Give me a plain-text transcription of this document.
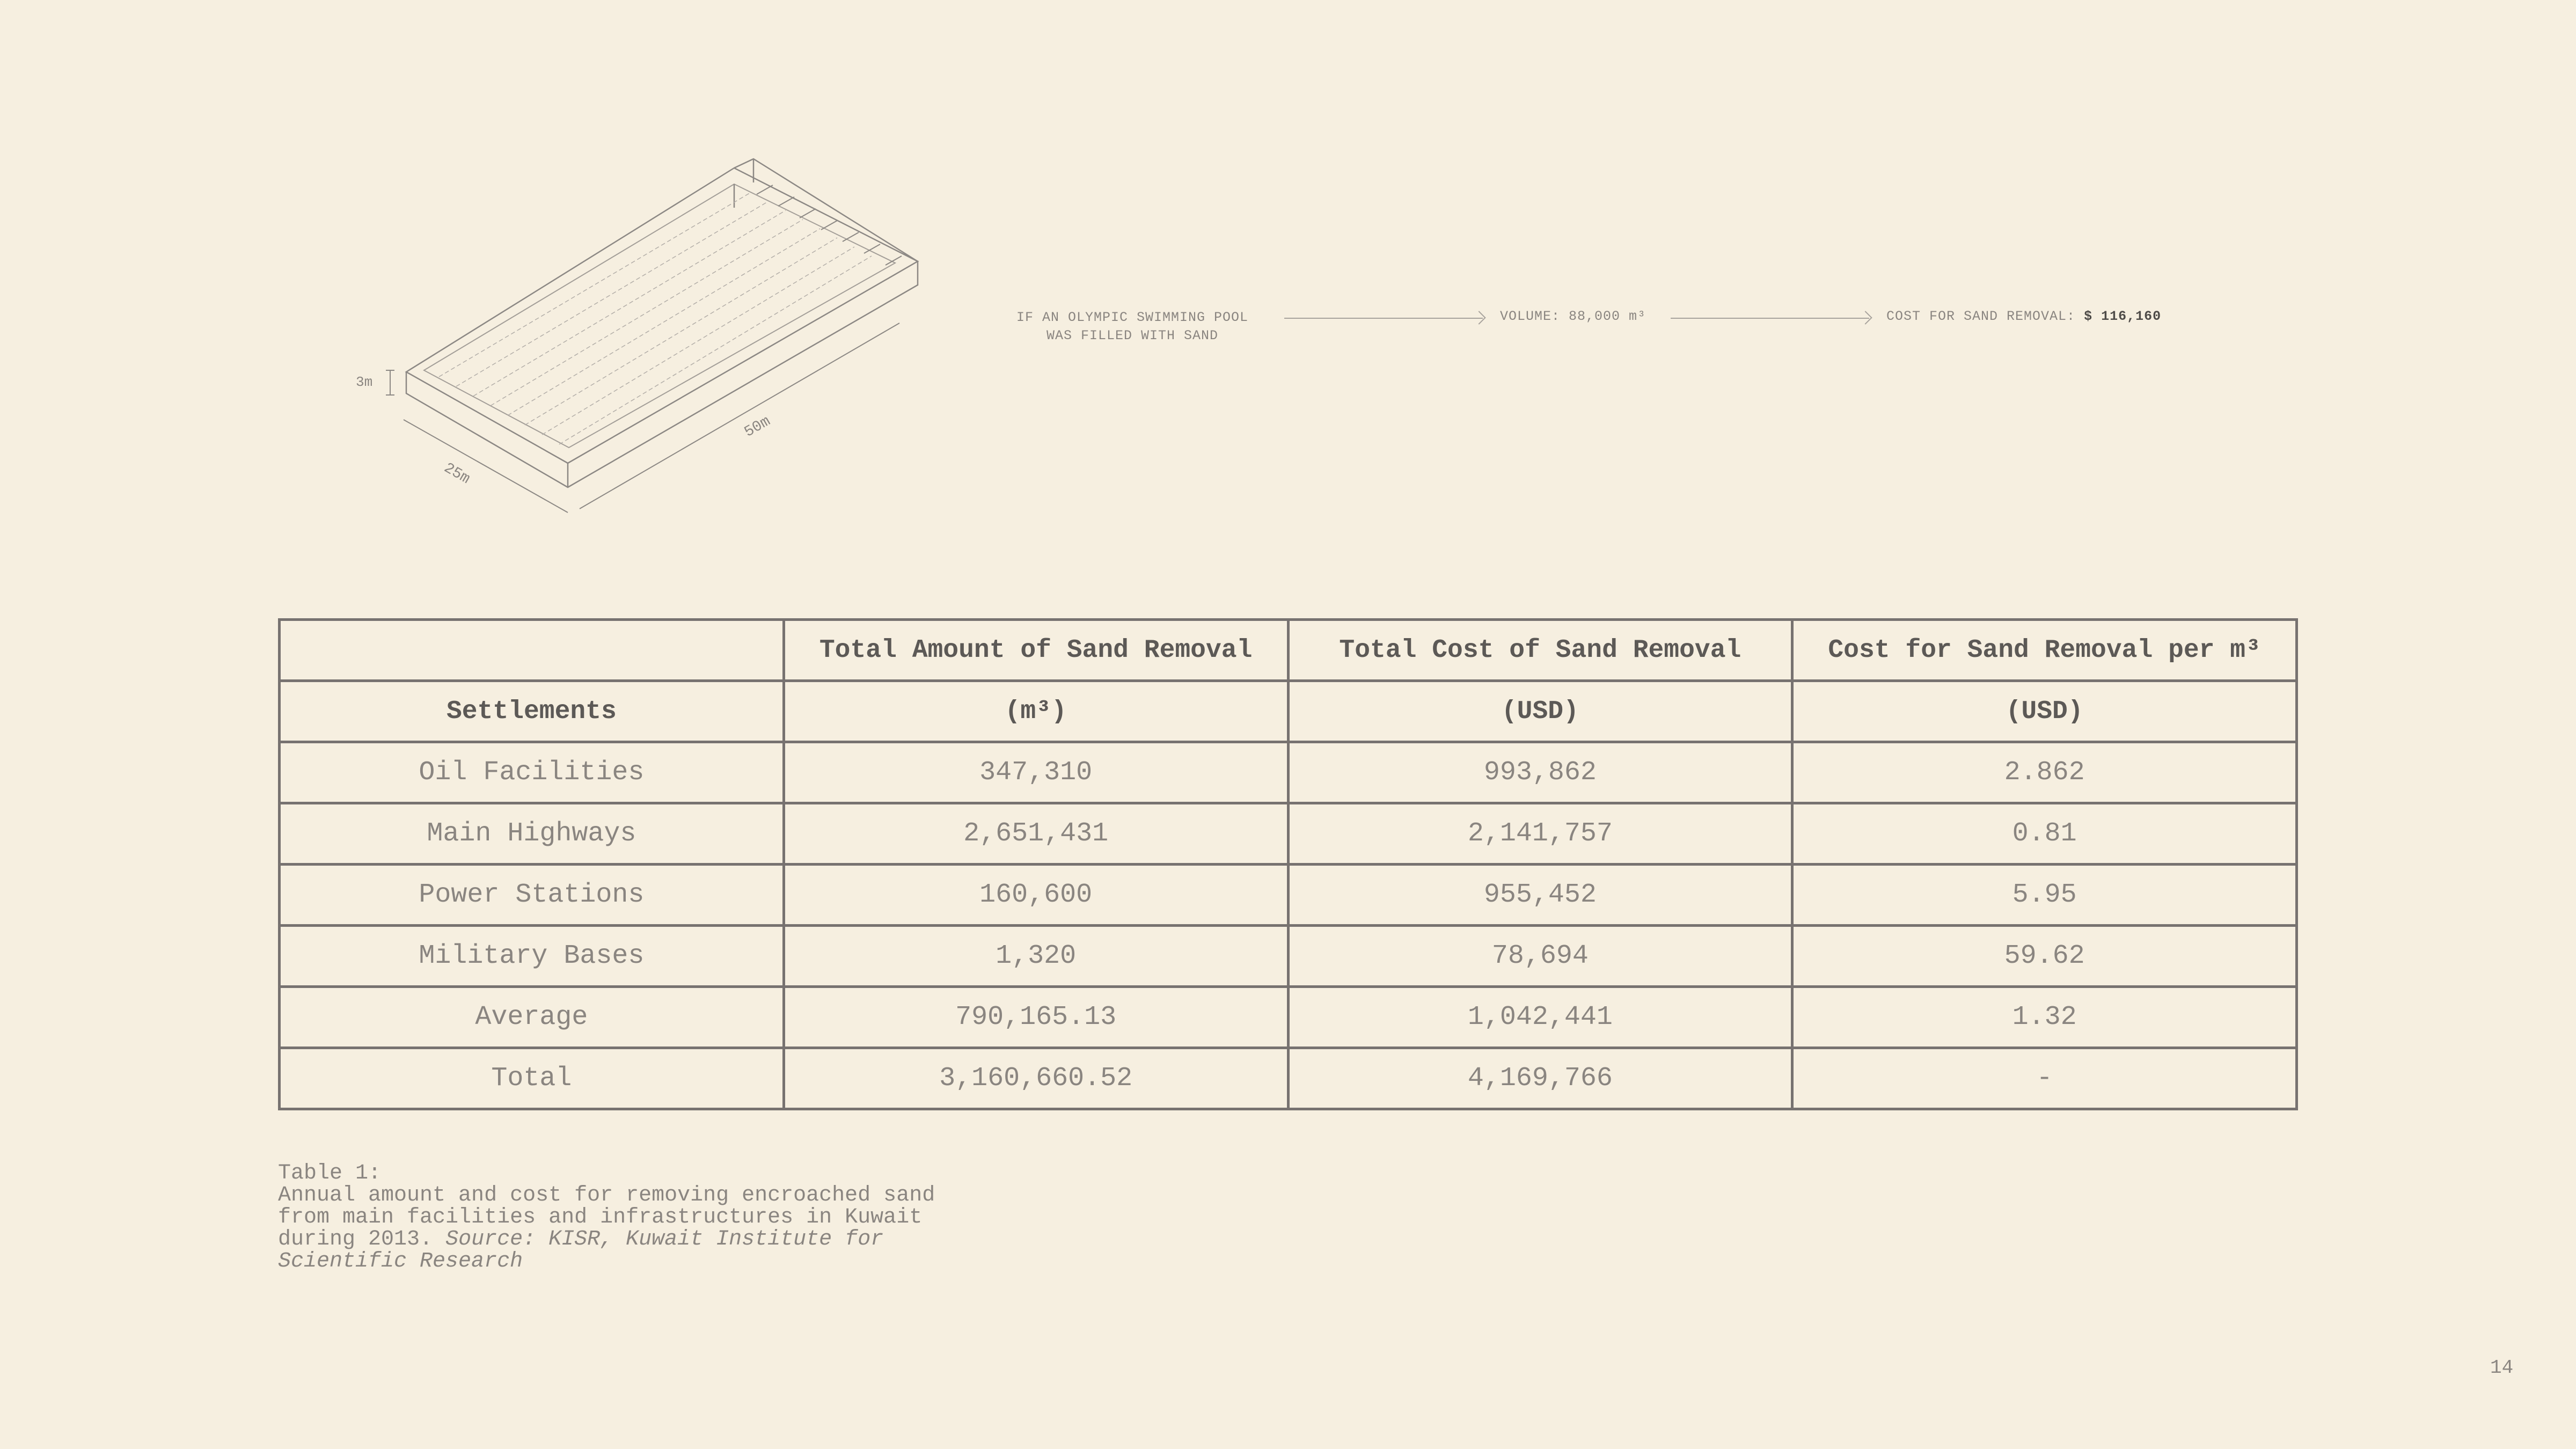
3m
25m
50m
IF AN OLYMPIC SWIMMING POOL
WAS FILLED WITH SAND
VOLUME: 88,000 m³	COST FOR SAND REMOVAL: $ 116,160
	Total Amount of Sand Removal	Total Cost of Sand Removal	Cost for Sand Removal per m³
Settlements	(m³)	(USD)	(USD)
Oil Facilities	347,310	993,862	2.862
Main Highways	2,651,431	2,141,757	0.81
Power Stations	160,600	955,452	5.95
Military Bases	1,320	78,694	59.62
Average	790,165.13	1,042,441	1.32
Total	3,160,660.52	4,169,766	-
Table 1:
Annual amount and cost for removing encroached sand
from main facilities and infrastructures in Kuwait
during 2013. Source: KISR, Kuwait Institute for
Scientific Research
14
